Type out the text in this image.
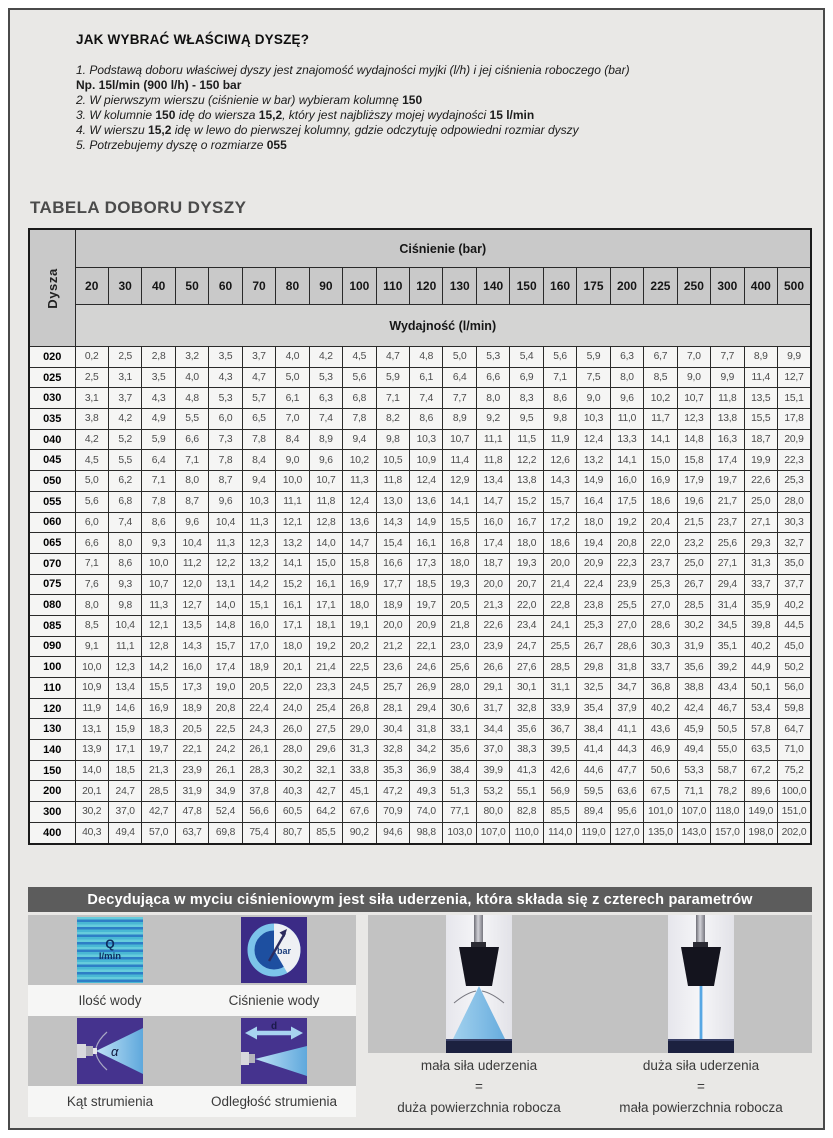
JAK WYBRAĆ WŁAŚCIWĄ DYSZĘ?
1. Podstawą doboru właściwej dyszy jest znajomość wydajności myjki (l/h) i jej ciśnienia roboczego (bar)
Np. 15l/min (900 l/h) - 150 bar
2. W pierwszym wierszu (ciśnienie w bar) wybieram kolumnę 150
3. W kolumnie 150 idę do wiersza 15,2, który jest najbliższy mojej wydajności 15 l/min
4. W wierszu 15,2 idę w lewo do pierwszej kolumny, gdzie odczytuję odpowiedni rozmiar dyszy
5. Potrzebujemy dyszę o rozmiarze 055
TABELA DOBORU DYSZY
Dysza	Ciśnienie (bar)																					
	20	30	40	50	60	70	80	90	100	110	120	130	140	150	160	175	200	225	250	300	400	500
	Wydajność (l/min)																					
020	0,2	2,5	2,8	3,2	3,5	3,7	4,0	4,2	4,5	4,7	4,8	5,0	5,3	5,4	5,6	5,9	6,3	6,7	7,0	7,7	8,9	9,9
025	2,5	3,1	3,5	4,0	4,3	4,7	5,0	5,3	5,6	5,9	6,1	6,4	6,6	6,9	7,1	7,5	8,0	8,5	9,0	9,9	11,4	12,7
030	3,1	3,7	4,3	4,8	5,3	5,7	6,1	6,3	6,8	7,1	7,4	7,7	8,0	8,3	8,6	9,0	9,6	10,2	10,7	11,8	13,5	15,1
035	3,8	4,2	4,9	5,5	6,0	6,5	7,0	7,4	7,8	8,2	8,6	8,9	9,2	9,5	9,8	10,3	11,0	11,7	12,3	13,8	15,5	17,8
040	4,2	5,2	5,9	6,6	7,3	7,8	8,4	8,9	9,4	9,8	10,3	10,7	11,1	11,5	11,9	12,4	13,3	14,1	14,8	16,3	18,7	20,9
045	4,5	5,5	6,4	7,1	7,8	8,4	9,0	9,6	10,2	10,5	10,9	11,4	11,8	12,2	12,6	13,2	14,1	15,0	15,8	17,4	19,9	22,3
050	5,0	6,2	7,1	8,0	8,7	9,4	10,0	10,7	11,3	11,8	12,4	12,9	13,4	13,8	14,3	14,9	16,0	16,9	17,9	19,7	22,6	25,3
055	5,6	6,8	7,8	8,7	9,6	10,3	11,1	11,8	12,4	13,0	13,6	14,1	14,7	15,2	15,7	16,4	17,5	18,6	19,6	21,7	25,0	28,0
060	6,0	7,4	8,6	9,6	10,4	11,3	12,1	12,8	13,6	14,3	14,9	15,5	16,0	16,7	17,2	18,0	19,2	20,4	21,5	23,7	27,1	30,3
065	6,6	8,0	9,3	10,4	11,3	12,3	13,2	14,0	14,7	15,4	16,1	16,8	17,4	18,0	18,6	19,4	20,8	22,0	23,2	25,6	29,3	32,7
070	7,1	8,6	10,0	11,2	12,2	13,2	14,1	15,0	15,8	16,6	17,3	18,0	18,7	19,3	20,0	20,9	22,3	23,7	25,0	27,1	31,3	35,0
075	7,6	9,3	10,7	12,0	13,1	14,2	15,2	16,1	16,9	17,7	18,5	19,3	20,0	20,7	21,4	22,4	23,9	25,3	26,7	29,4	33,7	37,7
080	8,0	9,8	11,3	12,7	14,0	15,1	16,1	17,1	18,0	18,9	19,7	20,5	21,3	22,0	22,8	23,8	25,5	27,0	28,5	31,4	35,9	40,2
085	8,5	10,4	12,1	13,5	14,8	16,0	17,1	18,1	19,1	20,0	20,9	21,8	22,6	23,4	24,1	25,3	27,0	28,6	30,2	34,5	39,8	44,5
090	9,1	11,1	12,8	14,3	15,7	17,0	18,0	19,2	20,2	21,2	22,1	23,0	23,9	24,7	25,5	26,7	28,6	30,3	31,9	35,1	40,2	45,0
100	10,0	12,3	14,2	16,0	17,4	18,9	20,1	21,4	22,5	23,6	24,6	25,6	26,6	27,6	28,5	29,8	31,8	33,7	35,6	39,2	44,9	50,2
110	10,9	13,4	15,5	17,3	19,0	20,5	22,0	23,3	24,5	25,7	26,9	28,0	29,1	30,1	31,1	32,5	34,7	36,8	38,8	43,4	50,1	56,0
120	11,9	14,6	16,9	18,9	20,8	22,4	24,0	25,4	26,8	28,1	29,4	30,6	31,7	32,8	33,9	35,4	37,9	40,2	42,4	46,7	53,4	59,8
130	13,1	15,9	18,3	20,5	22,5	24,3	26,0	27,5	29,0	30,4	31,8	33,1	34,4	35,6	36,7	38,4	41,1	43,6	45,9	50,5	57,8	64,7
140	13,9	17,1	19,7	22,1	24,2	26,1	28,0	29,6	31,3	32,8	34,2	35,6	37,0	38,3	39,5	41,4	44,3	46,9	49,4	55,0	63,5	71,0
150	14,0	18,5	21,3	23,9	26,1	28,3	30,2	32,1	33,8	35,3	36,9	38,4	39,9	41,3	42,6	44,6	47,7	50,6	53,3	58,7	67,2	75,2
200	20,1	24,7	28,5	31,9	34,9	37,8	40,3	42,7	45,1	47,2	49,3	51,3	53,2	55,1	56,9	59,5	63,6	67,5	71,1	78,2	89,6	100,0
300	30,2	37,0	42,7	47,8	52,4	56,6	60,5	64,2	67,6	70,9	74,0	77,1	80,0	82,8	85,5	89,4	95,6	101,0	107,0	118,0	149,0	151,0
400	40,3	49,4	57,0	63,7	69,8	75,4	80,7	85,5	90,2	94,6	98,8	103,0	107,0	110,0	114,0	119,0	127,0	135,0	143,0	157,0	198,0	202,0
Decydująca w myciu ciśnieniowym jest siła uderzenia, która składa się z czterech parametrów
Q
l/min	bar
Ilość wody	Ciśnienie wody
α
d
Kąt strumienia	Odległość strumienia
mała siła uderzenia
=
duża powierzchnia robocza
duża siła uderzenia
=
mała powierzchnia robocza
